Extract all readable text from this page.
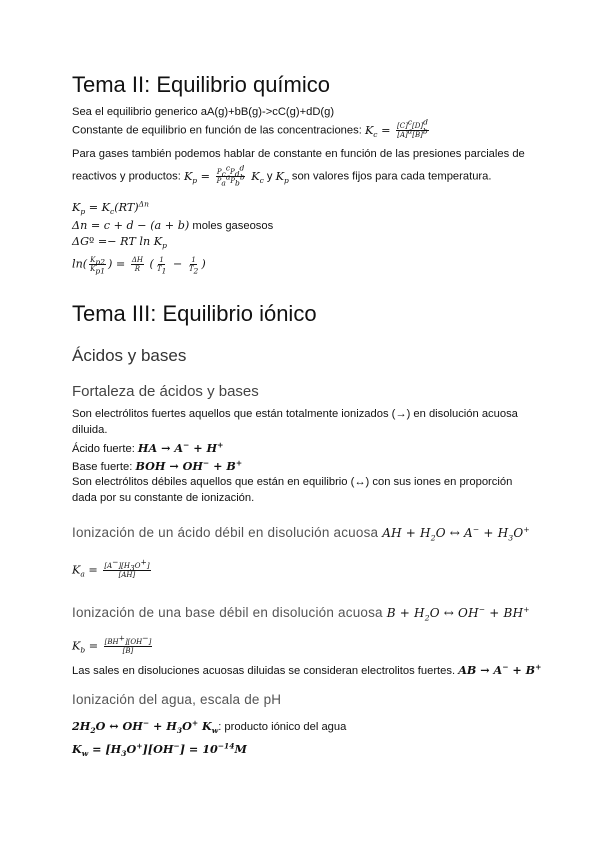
Tema II: Equilibrio químico
Sea el equilibrio generico aA(g)+bB(g)->cC(g)+dD(g)
Constante de equilibrio en función de las concentraciones: $K_c = \frac{[C]^c[D]^d}{[A]^a[B]^b}$
Para gases también podemos hablar de constante en función de las presiones parciales de
reactivos y productos: $K_p = \frac{P_c^cP_d^d}{P_a^aP_b^b} K_c$ y $K_p$ son valores fijos para cada temperatura.
$K_p = K_c(RT)^{\Delta n}$
Δn = c + d − (a + b) moles gaseosos
ΔGº =− RT $\ln K_p$
$\ln( \frac{K_{p2}}{K_{p1}}$ ) = $\frac{\Delta H}{R}$ ( $\frac{1}{T_1} - \frac{1}{T_2}$ )
Tema III: Equilibrio iónico
Ácidos y bases
Fortaleza de ácidos y bases
Son electrólitos fuertes aquellos que están totalmente ionizados (→) en disolución acuosa diluida.
Ácido fuerte: HA → A− + H+
Base fuerte: BOH → OH− + B+
Son electrólitos débiles aquellos que están en equilibrio (↔) con sus iones en proporción dada por su constante de ionización.
Ionización de un ácido débil en disolución acuosa AH + $H_2O$ ↔ $A^- + H_3O^+$
$K_a = \frac{[A^-][H_3O^+]}{[AH]}$
Ionización de una base débil en disolución acuosa $B + H_2O$ ↔ OH− + BH+
$K_b = \frac{[BH^+][OH^-]}{[B]}$
Las sales en disoluciones acuosas diluidas se consideran electrolitos fuertes. AB → A− + B+
Ionización del agua, escala de pH
$2H_2O$ ↔ $OH^- + H_3O^+$ $K_w$: producto iónico del agua
$K_w = [H_3O^+][OH^-] = 10^{-14}M$
